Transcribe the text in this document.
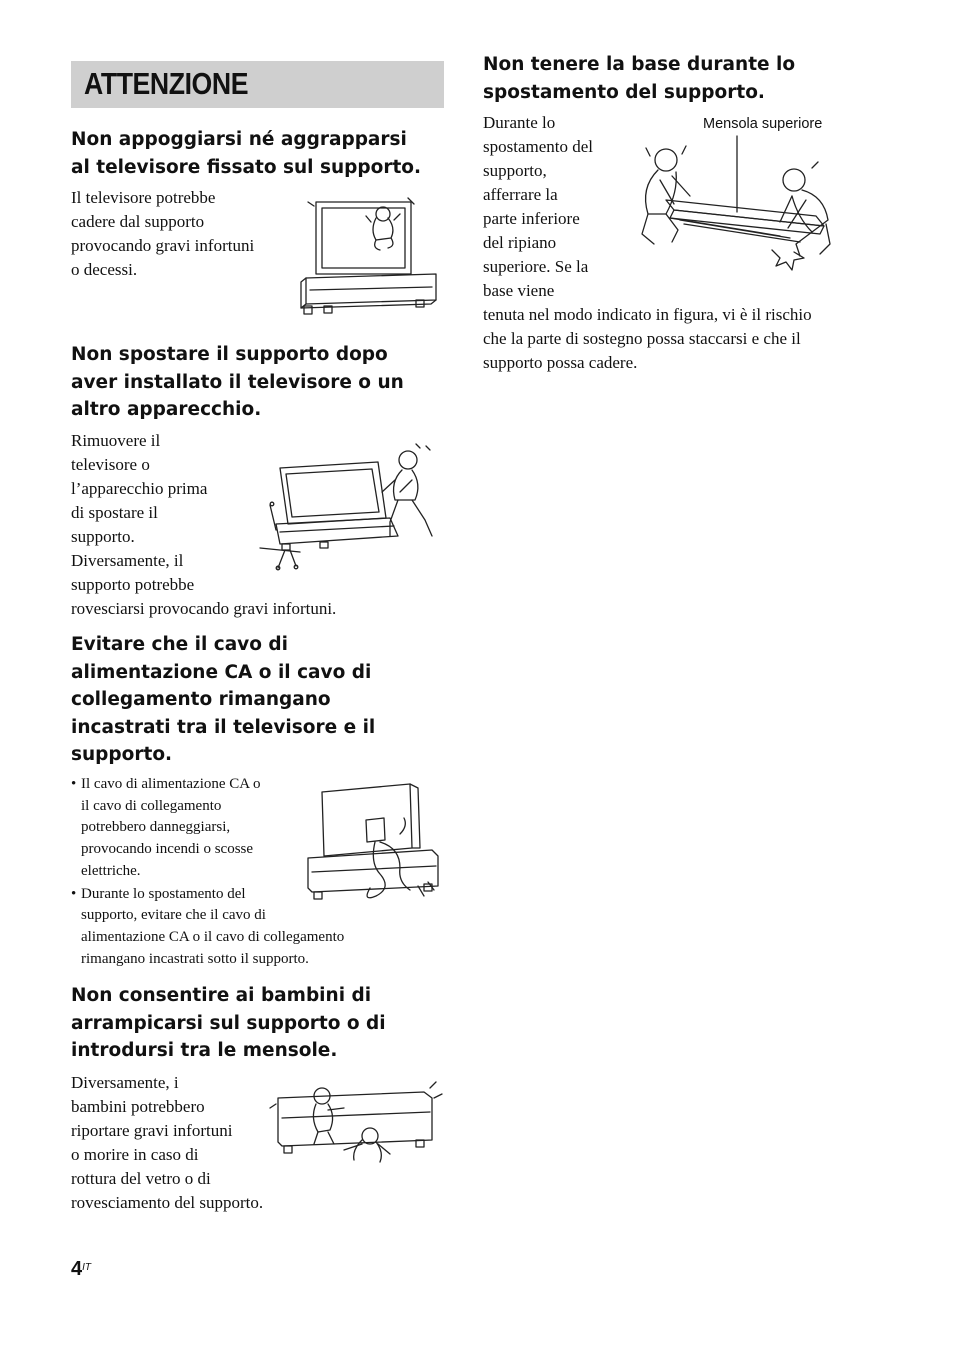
ATTENZIONE
Non appoggiarsi né aggrapparsi
al televisore fissato sul supporto.
Il televisore potrebbe
cadere dal supporto
provocando gravi infortuni
o decessi.
Non spostare il supporto dopo
aver installato il televisore o un
altro apparecchio.
Rimuovere il
televisore o
l’apparecchio prima
di spostare il
supporto.
Diversamente, il
supporto potrebbe
rovesciarsi provocando gravi infortuni.
Evitare che il cavo di
alimentazione CA o il cavo di
collegamento rimangano
incastrati tra il televisore e il
supporto.
• Il cavo di alimentazione CA o
il cavo di collegamento
potrebbero danneggiarsi,
provocando incendi o scosse
elettriche.
• Durante lo spostamento del
supporto, evitare che il cavo di
alimentazione CA o il cavo di collegamento
rimangano incastrati sotto il supporto.
Non consentire ai bambini di
arrampicarsi sul supporto o di
introdursi tra le mensole.
Diversamente, i
bambini potrebbero
riportare gravi infortuni
o morire in caso di
rottura del vetro o di
rovesciamento del supporto.
Non tenere la base durante lo
spostamento del supporto.
Durante lo
spostamento del
supporto,
afferrare la
parte inferiore
del ripiano
superiore. Se la
base viene
tenuta nel modo indicato in figura, vi è il rischio
che la parte di sostegno possa staccarsi e che il
supporto possa cadere.
Mensola superiore
$4^{IT}$
